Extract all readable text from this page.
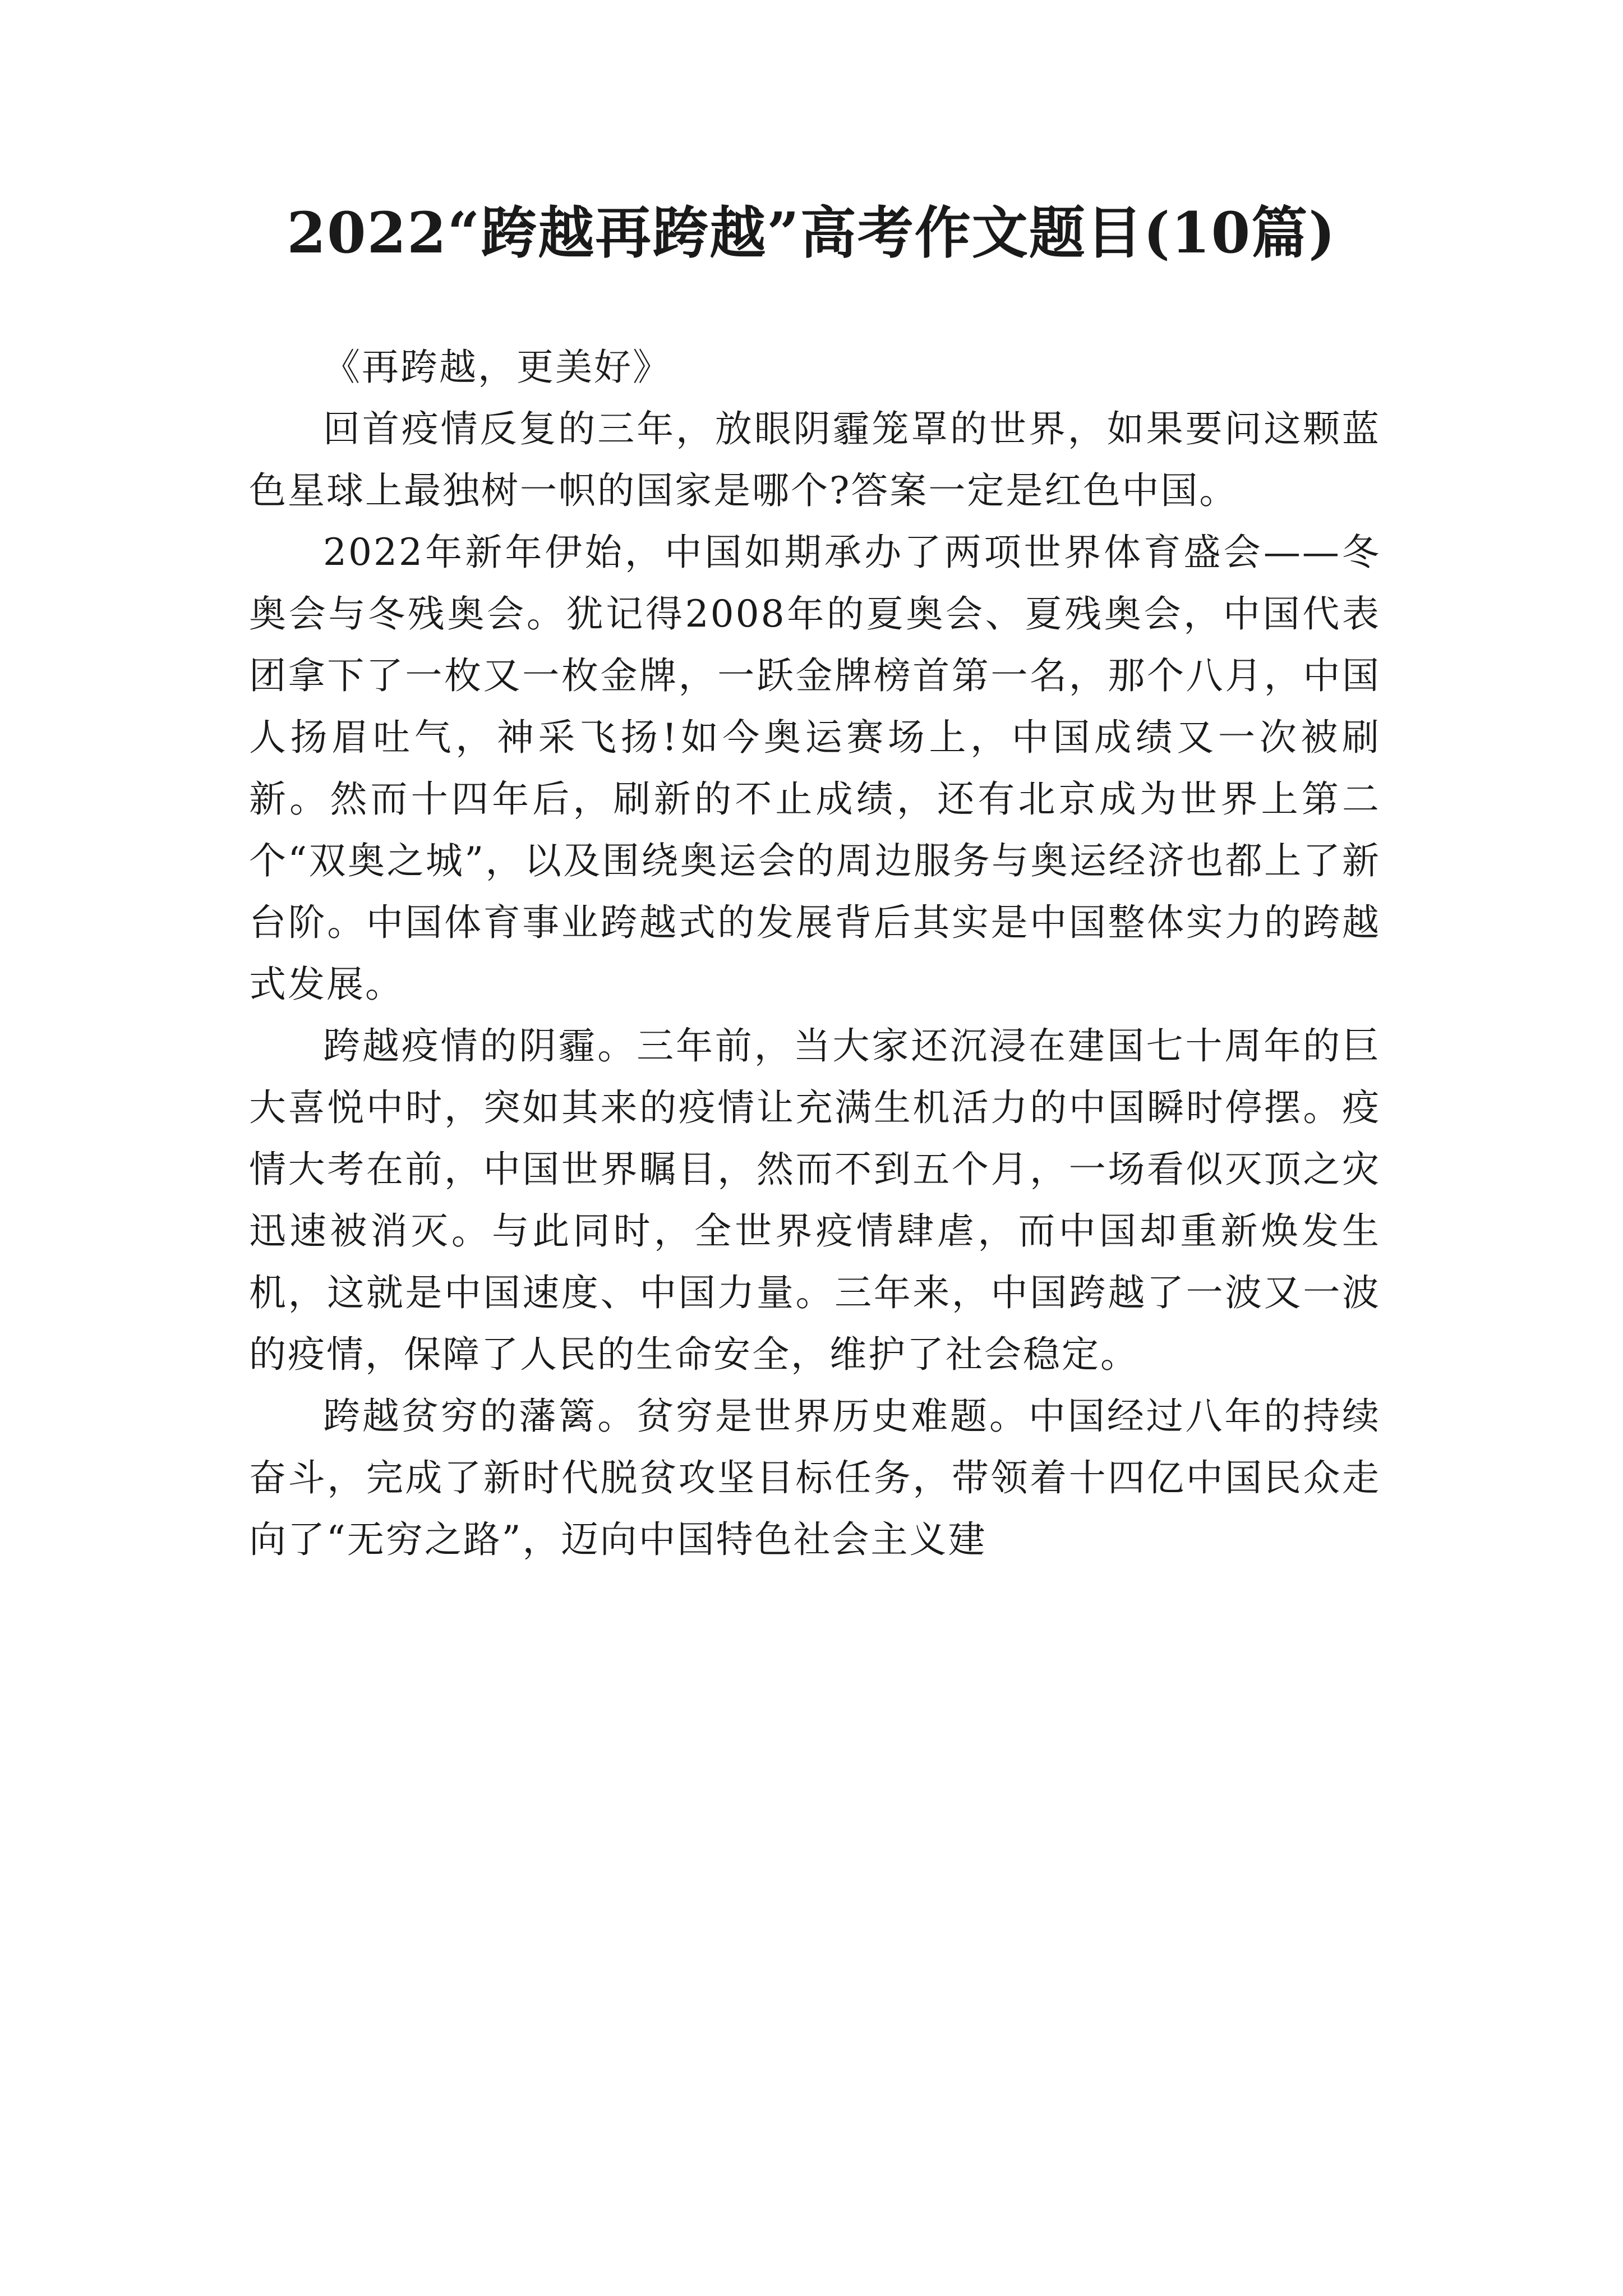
2022“跨越再跨越”高考作文题目(10篇)

《再跨越，更美好》

回首疫情反复的三年，放眼阴霾笼罩的世界，如果要问这颗蓝色星球上最独树一帜的国家是哪个?答案一定是红色中国。

2022年新年伊始，中国如期承办了两项世界体育盛会——冬奥会与冬残奥会。犹记得2008年的夏奥会、夏残奥会，中国代表团拿下了一枚又一枚金牌，一跃金牌榜首第一名，那个八月，中国人扬眉吐气，神采飞扬!如今奥运赛场上，中国成绩又一次被刷新。然而十四年后，刷新的不止成绩，还有北京成为世界上第二个“双奥之城”，以及围绕奥运会的周边服务与奥运经济也都上了新台阶。中国体育事业跨越式的发展背后其实是中国整体实力的跨越式发展。

跨越疫情的阴霾。三年前，当大家还沉浸在建国七十周年的巨大喜悦中时，突如其来的疫情让充满生机活力的中国瞬时停摆。疫情大考在前，中国世界瞩目，然而不到五个月，一场看似灭顶之灾迅速被消灭。与此同时，全世界疫情肆虐，而中国却重新焕发生机，这就是中国速度、中国力量。三年来，中国跨越了一波又一波的疫情，保障了人民的生命安全，维护了社会稳定。

跨越贫穷的藩篱。贫穷是世界历史难题。中国经过八年的持续奋斗，完成了新时代脱贫攻坚目标任务，带领着十四亿中国民众走向了“无穷之路”，迈向中国特色社会主义建
